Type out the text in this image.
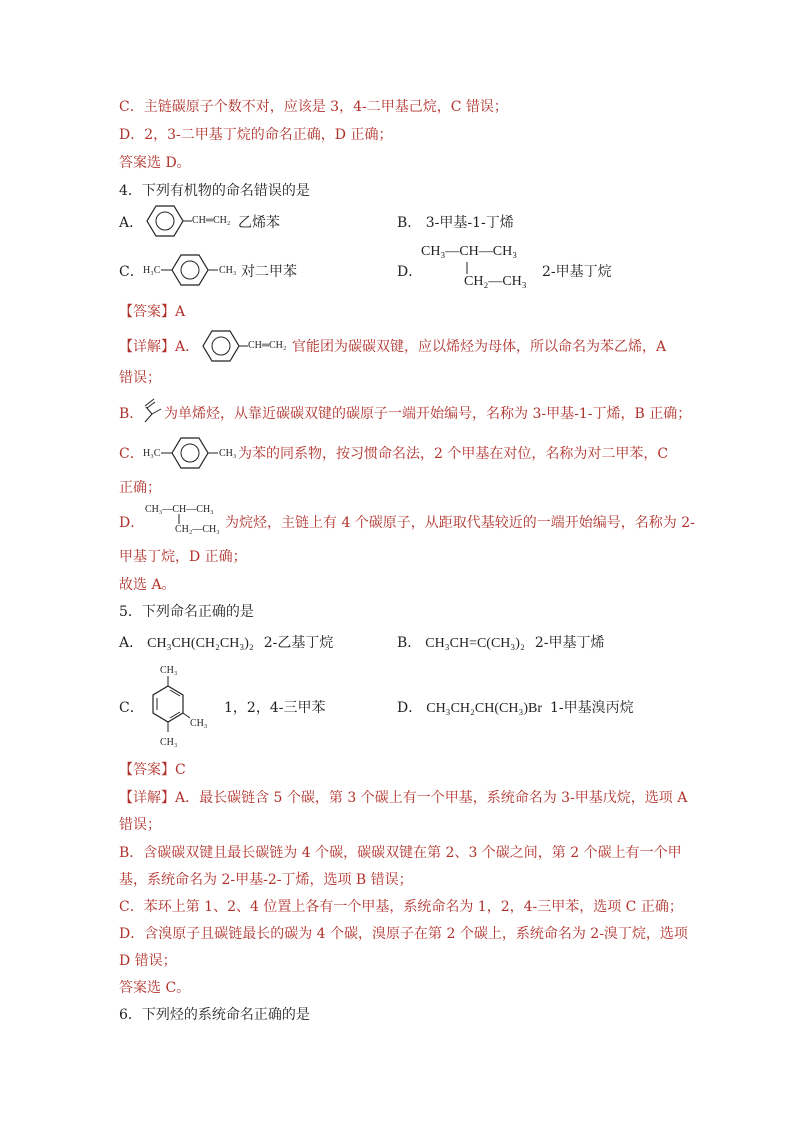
C．主链碳原子个数不对，应该是 3，4-二甲基己烷，C 错误；
D．2，3-二甲基丁烷的命名正确，D 正确；
答案选 D。
4．下列有机物的命名错误的是
A．	CH═CH₂ 乙烯苯	B． 3-甲基-1-丁烯
C． H₃C	CH₃ 对二甲苯	D．
CH₃—CH—CH₃
CH₂—CH₃
2-甲基丁烷
【答案】A
【详解】A．	CH═CH₂ 官能团为碳碳双键，应以烯烃为母体，所以命名为苯乙烯，A
错误；
B． 为单烯烃，从靠近碳碳双键的碳原子一端开始编号，名称为 3-甲基-1-丁烯，B 正确；
C． H₃C	CH₃ 为苯的同系物，按习惯命名法，2 个甲基在对位，名称为对二甲苯，C
正确；
D．
CH₃—CH—CH₃
CH₂—CH₃ 为烷烃，主链上有 4 个碳原子，从距取代基较近的一端开始编号，名称为 2-
甲基丁烷，D 正确；
故选 A。
5．下列命名正确的是
A． CH₃CH(CH₂CH₃)₂ 2-乙基丁烷	B． CH₃CH=C(CH₃)₂ 2-甲基丁烯
C．
CH₃
CH₃
CH₃
1，2，4-三甲苯	D． CH₃CH₂CH(CH₃)Br 1-甲基溴丙烷
【答案】C
【详解】A．最长碳链含 5 个碳，第 3 个碳上有一个甲基，系统命名为 3-甲基戊烷，选项 A
错误；
B．含碳碳双键且最长碳链为 4 个碳，碳碳双键在第 2、3 个碳之间，第 2 个碳上有一个甲
基，系统命名为 2-甲基-2-丁烯，选项 B 错误；
C．苯环上第 1、2、4 位置上各有一个甲基，系统命名为 1，2，4-三甲苯，选项 C 正确；
D．含溴原子且碳链最长的碳为 4 个碳，溴原子在第 2 个碳上，系统命名为 2-溴丁烷，选项
D 错误；
答案选 C。
6．下列烃的系统命名正确的是
